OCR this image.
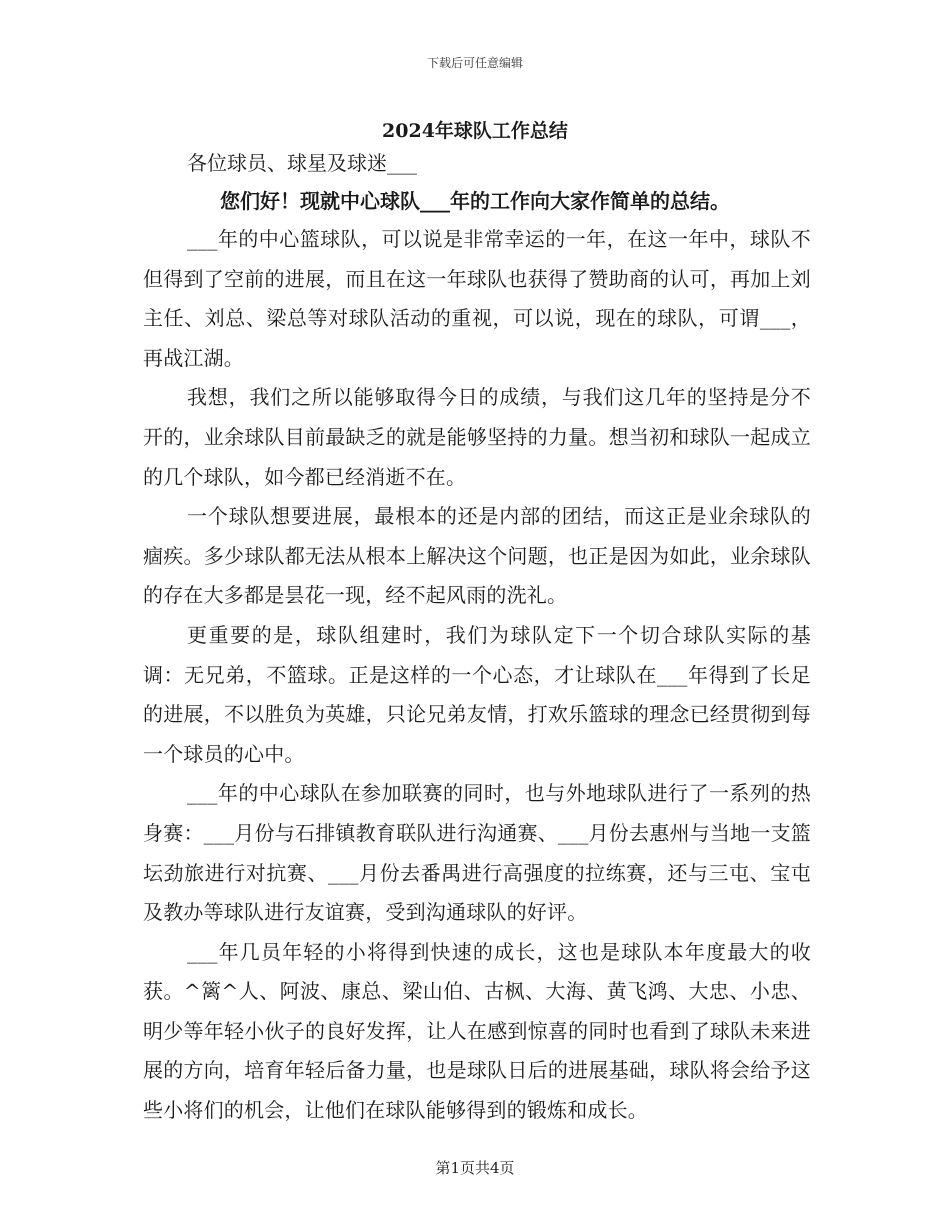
下载后可任意编辑
2024年球队工作总结
各位球员、球星及球迷___
您们好！现就中心球队___年的工作向大家作简单的总结。

___年的中心篮球队，可以说是非常幸运的一年，在这一年中，球队不但得到了空前的进展，而且在这一年球队也获得了赞助商的认可，再加上刘主任、刘总、梁总等对球队活动的重视，可以说，现在的球队，可谓___，再战江湖。

我想，我们之所以能够取得今日的成绩，与我们这几年的坚持是分不开的，业余球队目前最缺乏的就是能够坚持的力量。想当初和球队一起成立的几个球队，如今都已经消逝不在。

一个球队想要进展，最根本的还是内部的团结，而这正是业余球队的痼疾。多少球队都无法从根本上解决这个问题，也正是因为如此，业余球队的存在大多都是昙花一现，经不起风雨的洗礼。

更重要的是，球队组建时，我们为球队定下一个切合球队实际的基调：无兄弟，不篮球。正是这样的一个心态，才让球队在___年得到了长足的进展，不以胜负为英雄，只论兄弟友情，打欢乐篮球的理念已经贯彻到每一个球员的心中。

___年的中心球队在参加联赛的同时，也与外地球队进行了一系列的热身赛：___月份与石排镇教育联队进行沟通赛、___月份去惠州与当地一支篮坛劲旅进行对抗赛、___月份去番禺进行高强度的拉练赛，还与三屯、宝屯及教办等球队进行友谊赛，受到沟通球队的好评。

___年几员年轻的小将得到快速的成长，这也是球队本年度最大的收获。^篱^人、阿波、康总、梁山伯、古枫、大海、黄飞鸿、大忠、小忠、明少等年轻小伙子的良好发挥，让人在感到惊喜的同时也看到了球队未来进展的方向，培育年轻后备力量，也是球队日后的进展基础，球队将会给予这些小将们的机会，让他们在球队能够得到的锻炼和成长。

第1页共4页
